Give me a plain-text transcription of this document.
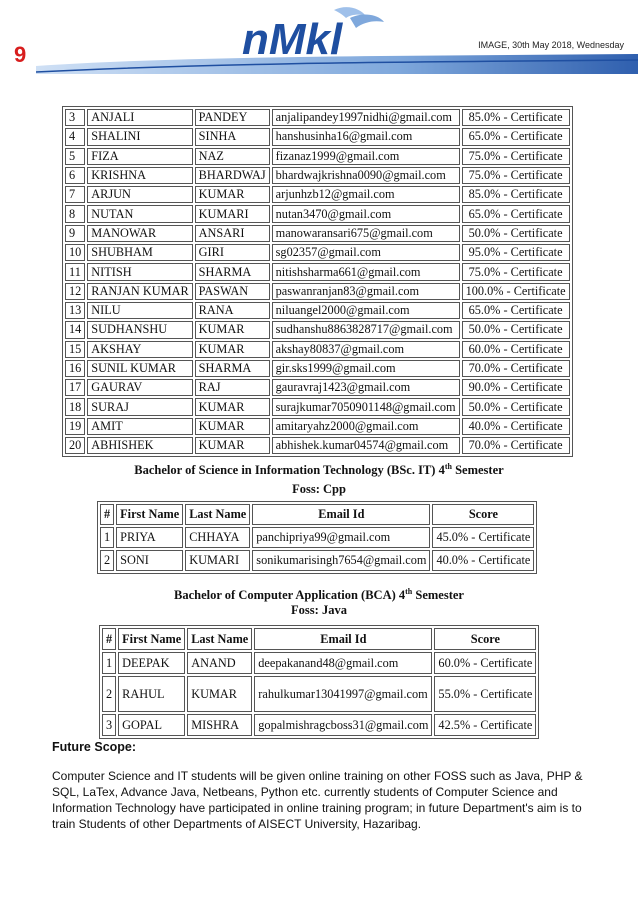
9	nMkl	IMAGE, 30th May 2018, Wednesday
3	ANJALI	PANDEY	anjalipandey1997nidhi@gmail.com	85.0% - Certificate
4	SHALINI	SINHA	hanshusinha16@gmail.com	65.0% - Certificate
5	FIZA	NAZ	fizanaz1999@gmail.com	75.0% - Certificate
6	KRISHNA	BHARDWAJ	bhardwajkrishna0090@gmail.com	75.0% - Certificate
7	ARJUN	KUMAR	arjunhzb12@gmail.com	85.0% - Certificate
8	NUTAN	KUMARI	nutan3470@gmail.com	65.0% - Certificate
9	MANOWAR	ANSARI	manowaransari675@gmail.com	50.0% - Certificate
10	SHUBHAM	GIRI	sg02357@gmail.com	95.0% - Certificate
11	NITISH	SHARMA	nitishsharma661@gmail.com	75.0% - Certificate
12	RANJAN KUMAR	PASWAN	paswanranjan83@gmail.com	100.0% - Certificate
13	NILU	RANA	niluangel2000@gmail.com	65.0% - Certificate
14	SUDHANSHU	KUMAR	sudhanshu8863828717@gmail.com	50.0% - Certificate
15	AKSHAY	KUMAR	akshay80837@gmail.com	60.0% - Certificate
16	SUNIL KUMAR	SHARMA	gir.sks1999@gmail.com	70.0% - Certificate
17	GAURAV	RAJ	gauravraj1423@gmail.com	90.0% - Certificate
18	SURAJ	KUMAR	surajkumar7050901148@gmail.com	50.0% - Certificate
19	AMIT	KUMAR	amitaryahz2000@gmail.com	40.0% - Certificate
20	ABHISHEK	KUMAR	abhishek.kumar04574@gmail.com	70.0% - Certificate
Bachelor of Science in Information Technology (BSc. IT) 4th Semester
Foss: Cpp
#	First Name	Last Name	Email Id	Score
1	PRIYA	CHHAYA	panchipriya99@gmail.com	45.0% - Certificate
2	SONI	KUMARI	sonikumarisingh7654@gmail.com	40.0% - Certificate
Bachelor of Computer Application (BCA) 4th Semester
Foss: Java
#	First Name	Last Name	Email Id	Score
1	DEEPAK	ANAND	deepakanand48@gmail.com	60.0% - Certificate
2	RAHUL	KUMAR	rahulkumar13041997@gmail.com	55.0% - Certificate
3	GOPAL	MISHRA	gopalmishragcboss31@gmail.com	42.5% - Certificate
Future Scope:
Computer Science and IT students will be given online training on other FOSS such as Java, PHP & SQL, LaTex, Advance Java, Netbeans, Python etc. currently students of Computer Science and Information Technology have participated in online training program; in future Department's aim is to train Students of other Departments of AISECT University, Hazaribag.
